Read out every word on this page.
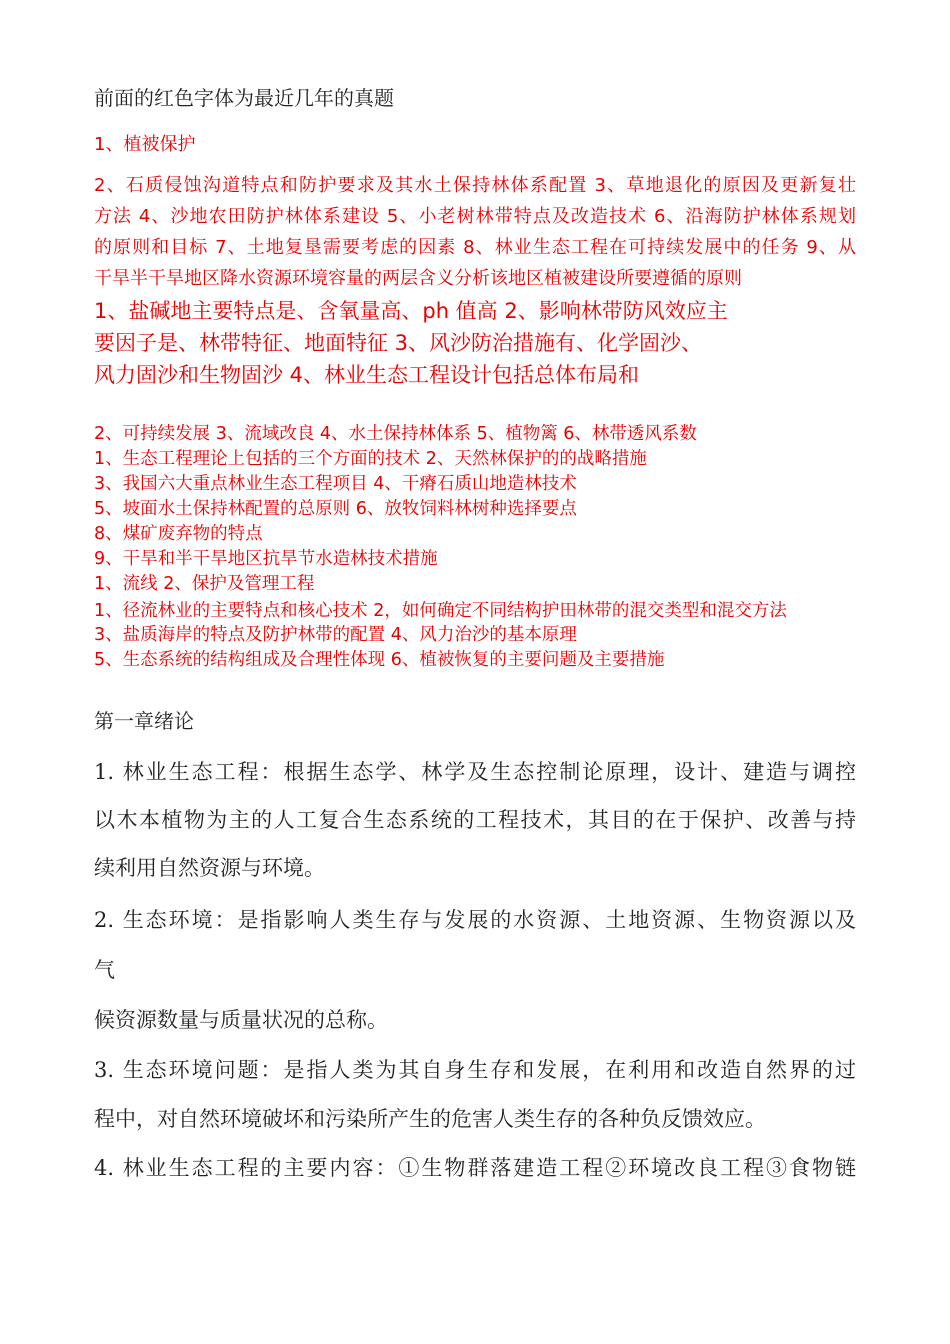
前面的红色字体为最近几年的真题

1、植被保护

2、石质侵蚀沟道特点和防护要求及其水土保持林体系配置 3、草地退化的原因及更新复壮

方法 4、沙地农田防护林体系建设 5、小老树林带特点及改造技术 6、沿海防护林体系规划

的原则和目标 7、土地复垦需要考虑的因素 8、林业生态工程在可持续发展中的任务 9、从

干旱半干旱地区降水资源环境容量的两层含义分析该地区植被建设所要遵循的原则

1、盐碱地主要特点是、含氧量高、ph 值高 2、影响林带防风效应主

要因子是、林带特征、地面特征 3、风沙防治措施有、化学固沙、

风力固沙和生物固沙 4、林业生态工程设计包括总体布局和

2、可持续发展 3、流域改良 4、水土保持林体系 5、植物篱 6、林带透风系数

1、生态工程理论上包括的三个方面的技术 2、天然林保护的的战略措施

3、我国六大重点林业生态工程项目 4、干瘠石质山地造林技术

5、坡面水土保持林配置的总原则 6、放牧饲料林树种选择要点

8、煤矿废弃物的特点

9、干旱和半干旱地区抗旱节水造林技术措施

1、流线 2、保护及管理工程

1、径流林业的主要特点和核心技术 2，如何确定不同结构护田林带的混交类型和混交方法

3、盐质海岸的特点及防护林带的配置 4、风力治沙的基本原理

5、生态系统的结构组成及合理性体现 6、植被恢复的主要问题及主要措施

第一章绪论

1. 林业生态工程：根据生态学、林学及生态控制论原理，设计、建造与调控

以木本植物为主的人工复合生态系统的工程技术，其目的在于保护、改善与持

续利用自然资源与环境。

2. 生态环境：是指影响人类生存与发展的水资源、土地资源、生物资源以及

气

候资源数量与质量状况的总称。

3. 生态环境问题：是指人类为其自身生存和发展，在利用和改造自然界的过

程中，对自然环境破坏和污染所产生的危害人类生存的各种负反馈效应。

4. 林业生态工程的主要内容：①生物群落建造工程②环境改良工程③食物链
